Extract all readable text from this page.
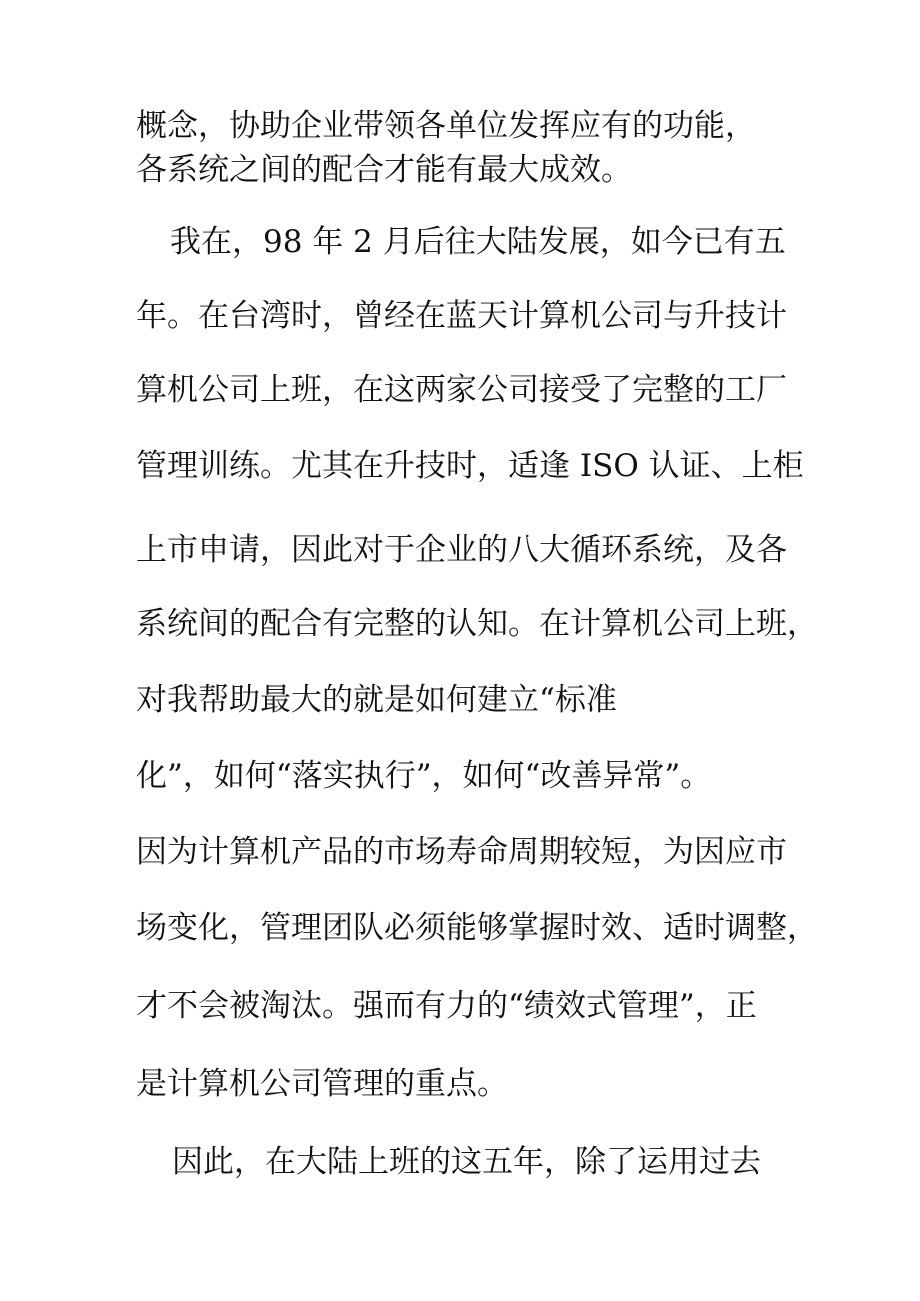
概念，协助企业带领各单位发挥应有的功能，
各系统之间的配合才能有最大成效。
我在，98 年 2 月后往大陆发展，如今已有五
年。在台湾时，曾经在蓝天计算机公司与升技计
算机公司上班，在这两家公司接受了完整的工厂
管理训练。尤其在升技时，适逢 ISO 认证、上柜
上市申请，因此对于企业的八大循环系统，及各
系统间的配合有完整的认知。在计算机公司上班，
对我帮助最大的就是如何建立“标准
化”，如何“落实执行”，如何“改善异常”。
因为计算机产品的市场寿命周期较短，为因应市
场变化，管理团队必须能够掌握时效、适时调整，
才不会被淘汰。强而有力的“绩效式管理”，正
是计算机公司管理的重点。
因此，在大陆上班的这五年，除了运用过去
